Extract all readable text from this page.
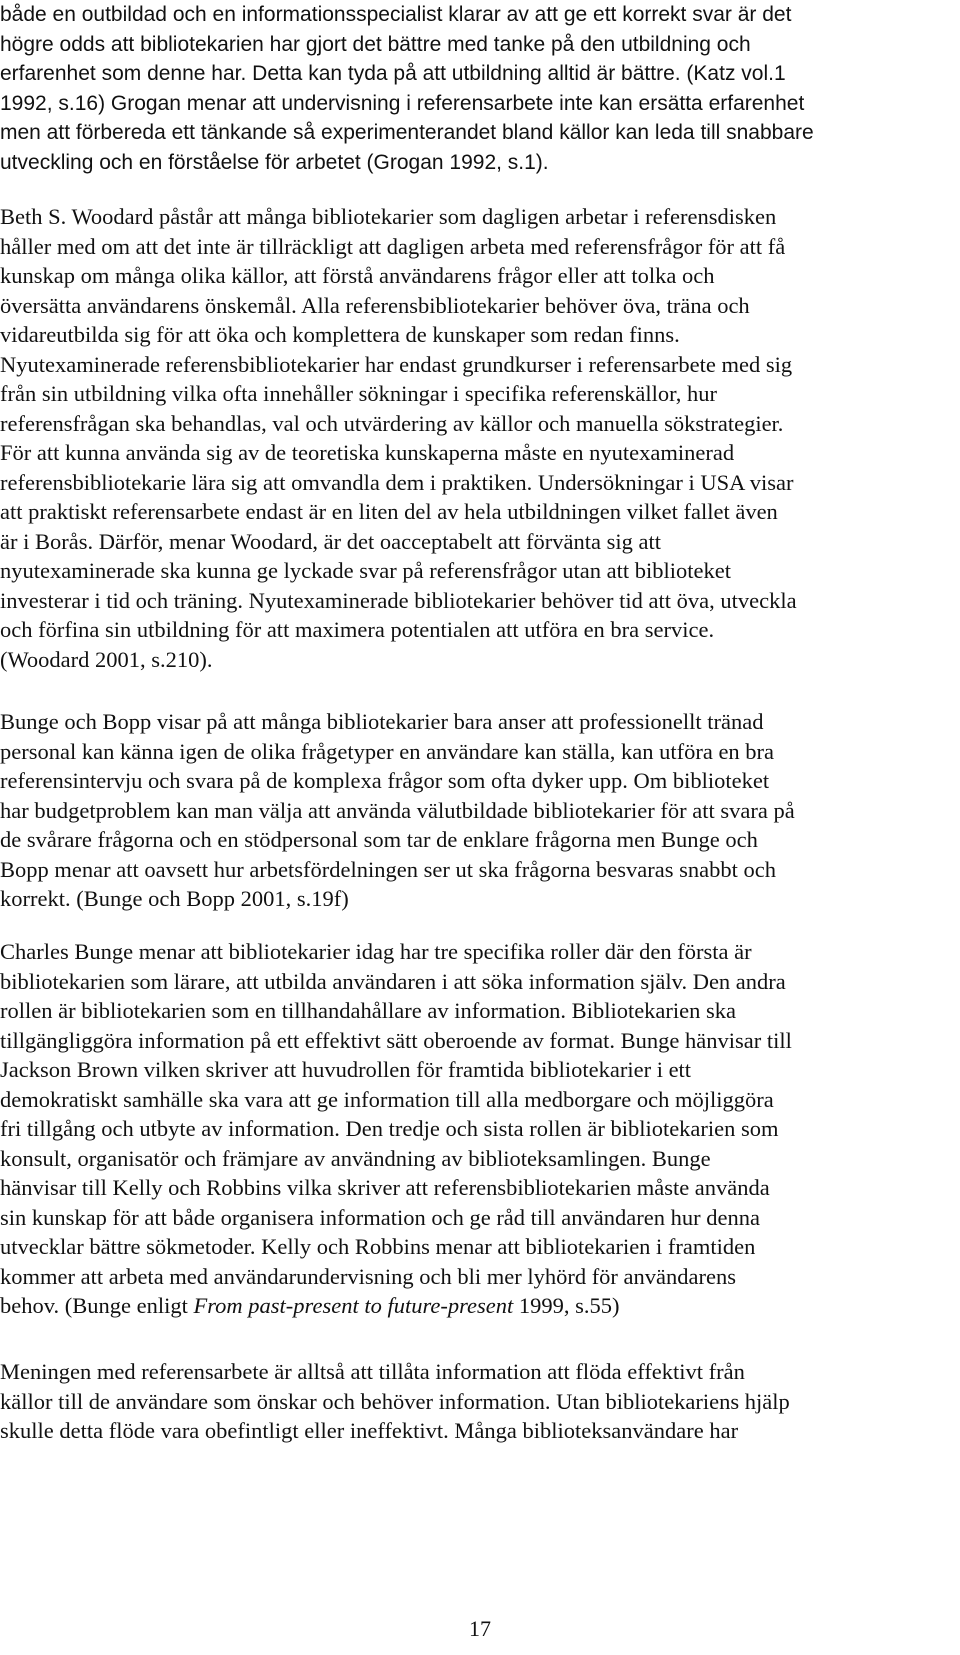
både en outbildad och en informationsspecialist klarar av att ge ett korrekt svar är det
högre odds att bibliotekarien har gjort det bättre med tanke på den utbildning och
erfarenhet som denne har. Detta kan tyda på att utbildning alltid är bättre. (Katz vol.1
1992, s.16) Grogan menar att undervisning i referensarbete inte kan ersätta erfarenhet
men att förbereda ett tänkande så experimenterandet bland källor kan leda till snabbare
utveckling och en förståelse för arbetet (Grogan 1992, s.1).
Beth S. Woodard påstår att många bibliotekarier som dagligen arbetar i referensdisken
håller med om att det inte är tillräckligt att dagligen arbeta med referensfrågor för att få
kunskap om många olika källor, att förstå användarens frågor eller att tolka och
översätta användarens önskemål. Alla referensbibliotekarier behöver öva, träna och
vidareutbilda sig för att öka och komplettera de kunskaper som redan finns.
Nyutexaminerade referensbibliotekarier har endast grundkurser i referensarbete med sig
från sin utbildning vilka ofta innehåller sökningar i specifika referenskällor, hur
referensfrågan ska behandlas, val och utvärdering av källor och manuella sökstrategier.
För att kunna använda sig av de teoretiska kunskaperna måste en nyutexaminerad
referensbibliotekarie lära sig att omvandla dem i praktiken. Undersökningar i USA visar
att praktiskt referensarbete endast är en liten del av hela utbildningen vilket fallet även
är i Borås. Därför, menar Woodard, är det oacceptabelt att förvänta sig att
nyutexaminerade ska kunna ge lyckade svar på referensfrågor utan att biblioteket
investerar i tid och träning. Nyutexaminerade bibliotekarier behöver tid att öva, utveckla
och förfina sin utbildning för att maximera potentialen att utföra en bra service.
(Woodard 2001, s.210).
Bunge och Bopp visar på att många bibliotekarier bara anser att professionellt tränad
personal kan känna igen de olika frågetyper en användare kan ställa, kan utföra en bra
referensintervju och svara på de komplexa frågor som ofta dyker upp. Om biblioteket
har budgetproblem kan man välja att använda välutbildade bibliotekarier för att svara på
de svårare frågorna och en stödpersonal som tar de enklare frågorna men Bunge och
Bopp menar att oavsett hur arbetsfördelningen ser ut ska frågorna besvaras snabbt och
korrekt. (Bunge och Bopp 2001, s.19f)
Charles Bunge menar att bibliotekarier idag har tre specifika roller där den första är
bibliotekarien som lärare, att utbilda användaren i att söka information själv. Den andra
rollen är bibliotekarien som en tillhandahållare av information. Bibliotekarien ska
tillgängliggöra information på ett effektivt sätt oberoende av format. Bunge hänvisar till
Jackson Brown vilken skriver att huvudrollen för framtida bibliotekarier i ett
demokratiskt samhälle ska vara att ge information till alla medborgare och möjliggöra
fri tillgång och utbyte av information. Den tredje och sista rollen är bibliotekarien som
konsult, organisatör och främjare av användning av biblioteksamlingen. Bunge
hänvisar till Kelly och Robbins vilka skriver att referensbibliotekarien måste använda
sin kunskap för att både organisera information och ge råd till användaren hur denna
utvecklar bättre sökmetoder. Kelly och Robbins menar att bibliotekarien i framtiden
kommer att arbeta med användarundervisning och bli mer lyhörd för användarens
behov. (Bunge enligt From past-present to future-present 1999, s.55)
Meningen med referensarbete är alltså att tillåta information att flöda effektivt från
källor till de användare som önskar och behöver information. Utan bibliotekariens hjälp
skulle detta flöde vara obefintligt eller ineffektivt. Många biblioteksanvändare har
17
